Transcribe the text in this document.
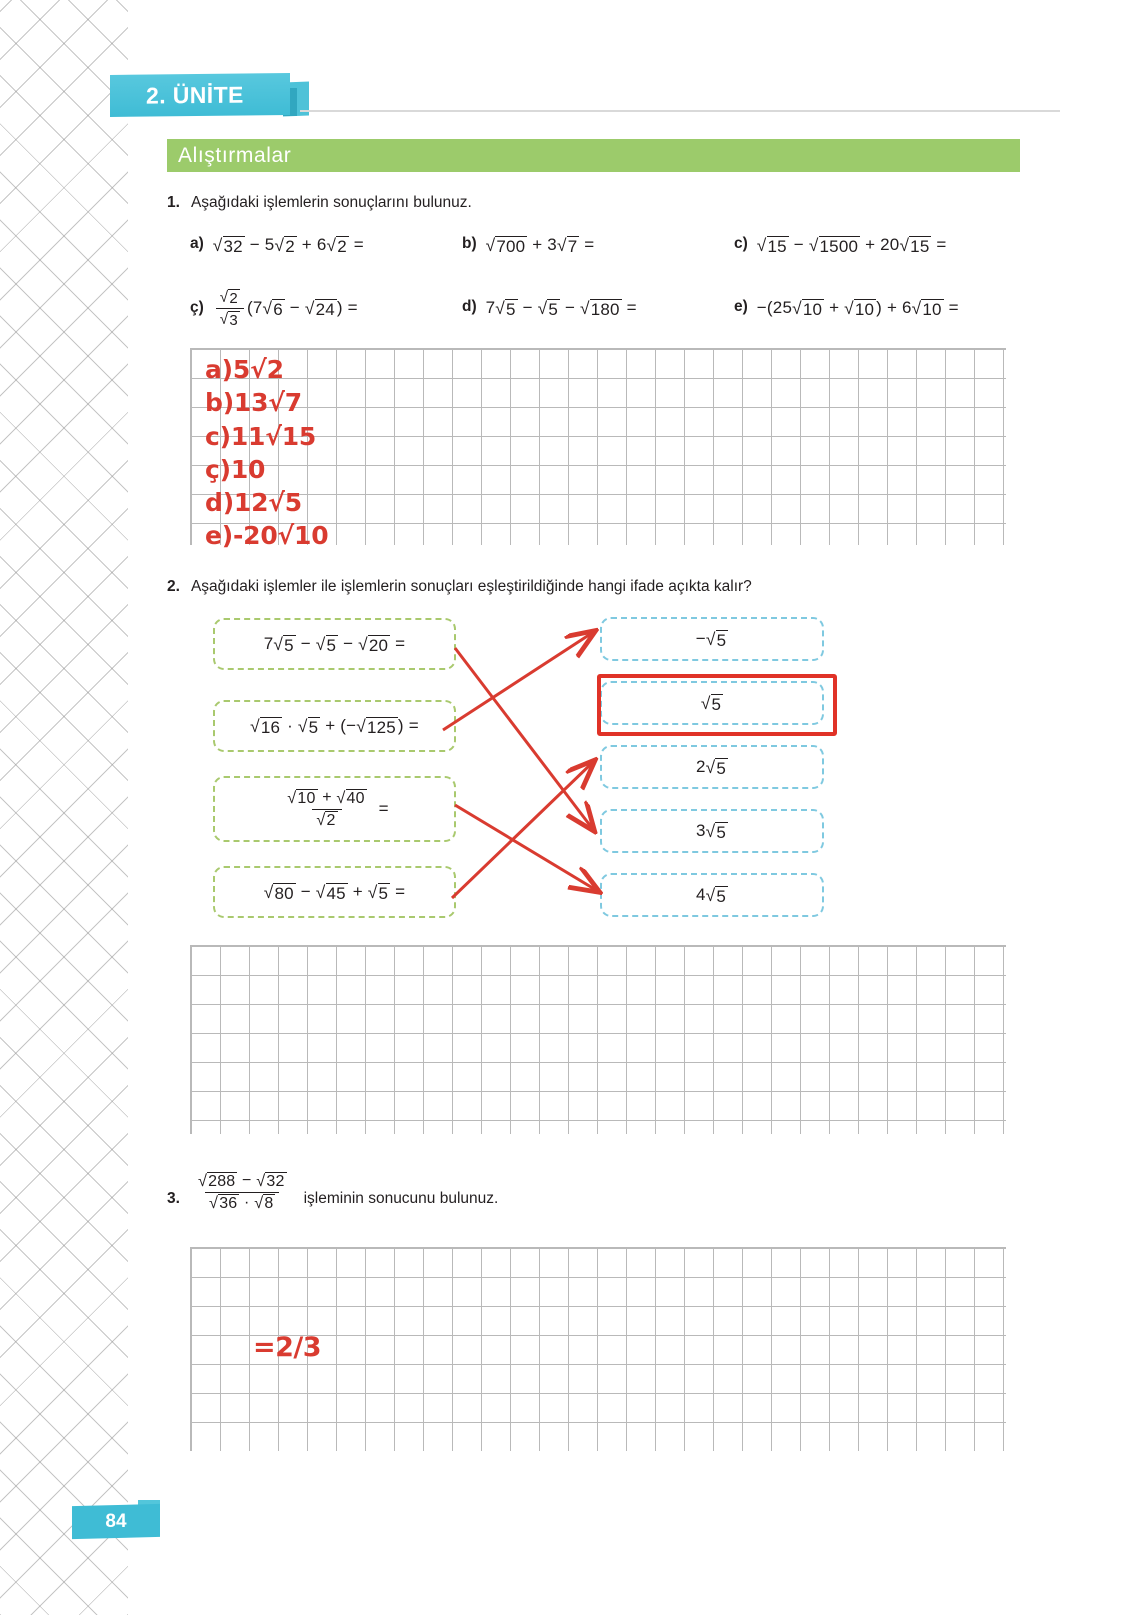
2. ÜNİTE
Alıştırmalar
1. Aşağıdaki işlemlerin sonuçlarını bulunuz.
a) √ 32 − 5 √ 2 + 6 √ 2 =	b) √ 700 + 3 √ 7 =	c) √ 15 − √ 1500 + 20 √ 15 =
ç) $\frac{√ 2}{√ 3} (7$ √ 6 − √ 24 ) =	d) 7 √ 5 − √ 5 − √ 180 =	e) −(25 √ 10 + √ 10 ) + 6 √ 10 =
a)5√2
b)13√7
c)11√15
ç)10
d)12√5
e)-20√10
2. Aşağıdaki işlemler ile işlemlerin sonuçları eşleştirildiğinde hangi ifade açıkta kalır?
7 √ 5 − √ 5 − √ 20 =
√ 16 · √ 5 + (− √ 125 ) =
$\frac{√ 10 + √ 40}{√ 2}$ =
√ 80 − √ 45 + √ 5 =
− √ 5
√ 5
2 √ 5
3 √ 5
4 √ 5
3. $\frac{√ 288 - √ 32}{√ 36 \cdot √ 8}$ işleminin sonucunu bulunuz.
=2/3
84
